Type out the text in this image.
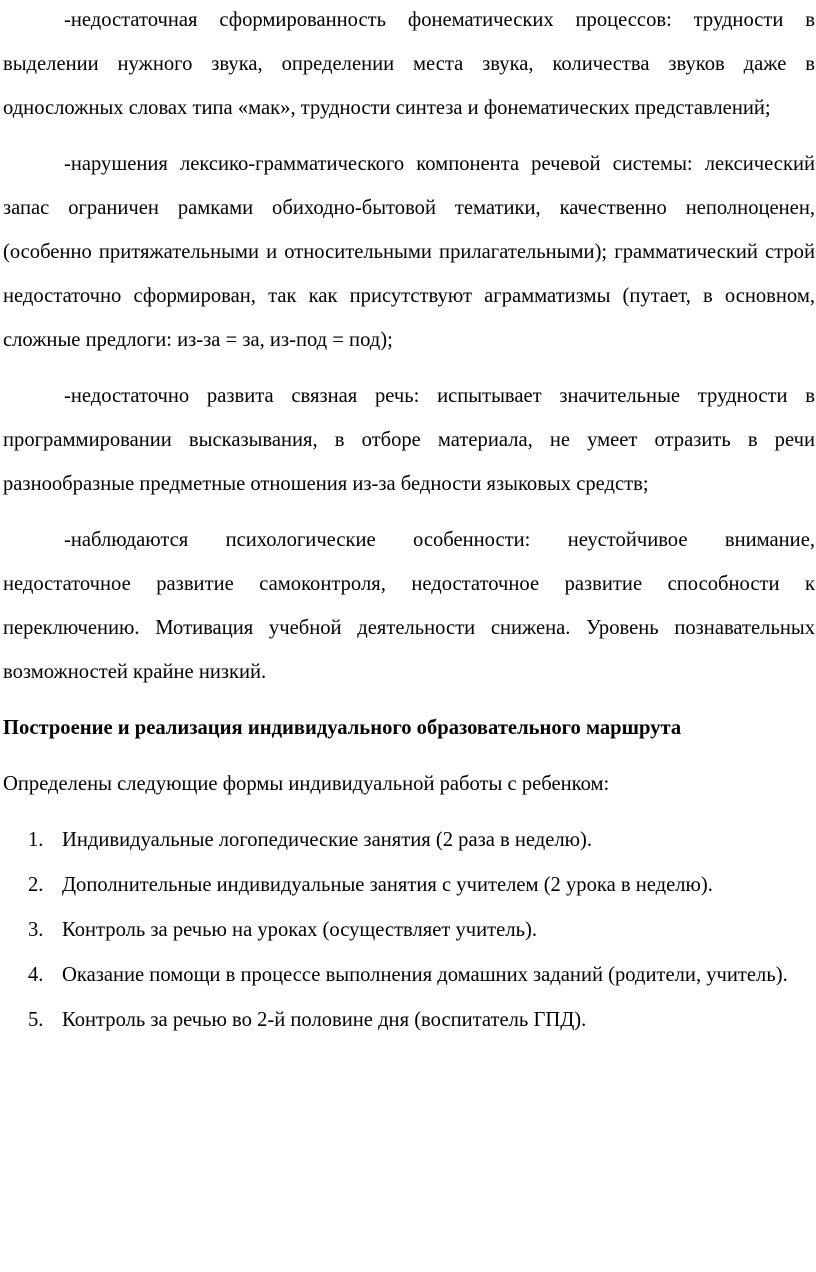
-недостаточная сформированность фонематических процессов: трудности в выделении нужного звука, определении места звука, количества звуков даже в односложных словах типа «мак», трудности синтеза и фонематических представлений;

-нарушения лексико-грамматического компонента речевой системы: лексический запас ограничен рамками обиходно-бытовой тематики, качественно неполноценен, (особенно притяжательными и относительными прилагательными); грамматический строй недостаточно сформирован, так как присутствуют аграмматизмы (путает, в основном, сложные предлоги: из-за = за, из-под = под);

-недостаточно развита связная речь: испытывает значительные трудности в программировании высказывания, в отборе материала, не умеет отразить в речи разнообразные предметные отношения из-за бедности языковых средств;

-наблюдаются психологические особенности: неустойчивое внимание, недостаточное развитие самоконтроля, недостаточное развитие способности к переключению. Мотивация учебной деятельности снижена. Уровень познавательных возможностей крайне низкий.

Построение и реализация индивидуального образовательного маршрута

Определены следующие формы индивидуальной работы с ребенком:

1. Индивидуальные логопедические занятия (2 раза в неделю).
2. Дополнительные индивидуальные занятия с учителем (2 урока в неделю).
3. Контроль за речью на уроках (осуществляет учитель).
4. Оказание помощи в процессе выполнения домашних заданий (родители, учитель).
5. Контроль за речью во 2-й половине дня (воспитатель ГПД).
